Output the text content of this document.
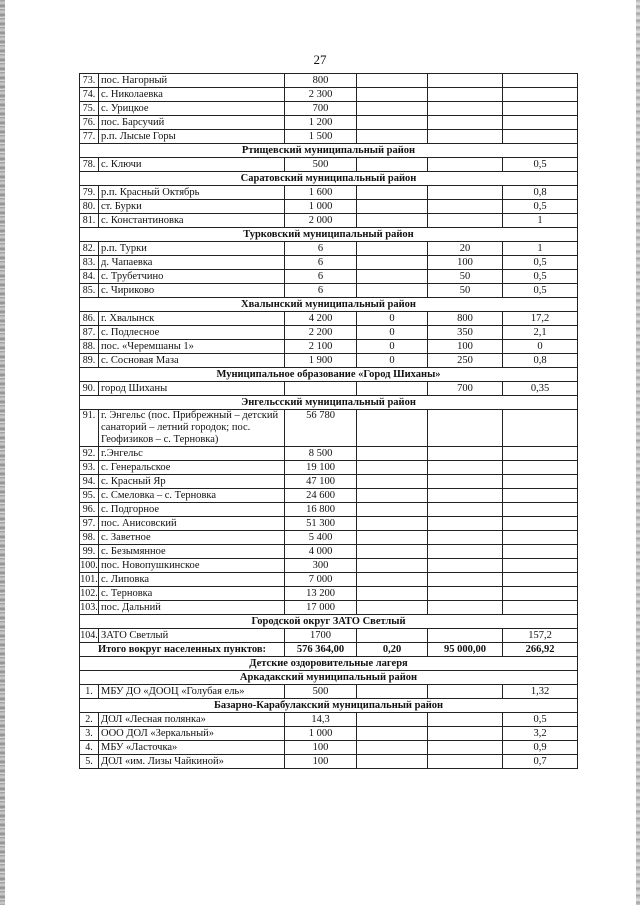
27
73.	пос. Нагорный	800			
74.	с. Николаевка	2 300			
75.	с. Урицкое	700			
76.	пос. Барсучий	1 200			
77.	р.п. Лысые Горы	1 500			
Ртищевский муниципальный район					
78.	с. Ключи	500			0,5
Саратовский муниципальный район					
79.	р.п. Красный Октябрь	1 600			0,8
80.	ст. Бурки	1 000			0,5
81.	с. Константиновка	2 000			1
Турковский муниципальный район					
82.	р.п. Турки	6		20	1
83.	д. Чапаевка	6		100	0,5
84.	с. Трубетчино	6		50	0,5
85.	с. Чириково	6		50	0,5
Хвалынский муниципальный район					
86.	г. Хвалынск	4 200	0	800	17,2
87.	с. Подлесное	2 200	0	350	2,1
88.	пос. «Черемшаны 1»	2 100	0	100	0
89.	с. Сосновая Маза	1 900	0	250	0,8
Муниципальное образование «Город Шиханы»					
90.	город Шиханы			700	0,35
Энгельсский муниципальный район					
91.	г. Энгельс (пос. Прибрежный – детский санаторий – летний городок; пос. Геофизиков – с. Терновка)	56 780			
92.	г.Энгельс	8 500			
93.	с. Генеральское	19 100			
94.	с. Красный Яр	47 100			
95.	с. Смеловка – с. Терновка	24 600			
96.	с. Подгорное	16 800			
97.	пос. Анисовский	51 300			
98.	с. Заветное	5 400			
99.	с. Безымянное	4 000			
100.	пос. Новопушкинское	300			
101.	с. Липовка	7 000			
102.	с. Терновка	13 200			
103.	пос. Дальний	17 000			
Городской округ ЗАТО Светлый					
104.	ЗАТО Светлый	1700			157,2
Итого вокруг населенных пунктов:		576 364,00	0,20	95 000,00	266,92
Детские оздоровительные лагеря					
Аркадакский муниципальный район					
1.	МБУ ДО «ДООЦ «Голубая ель»	500			1,32
Базарно-Карабулакский муниципальный район					
2.	ДОЛ «Лесная полянка»	14,3			0,5
3.	ООО ДОЛ «Зеркальный»	1 000			3,2
4.	МБУ «Ласточка»	100			0,9
5.	ДОЛ «им. Лизы Чайкиной»	100			0,7
